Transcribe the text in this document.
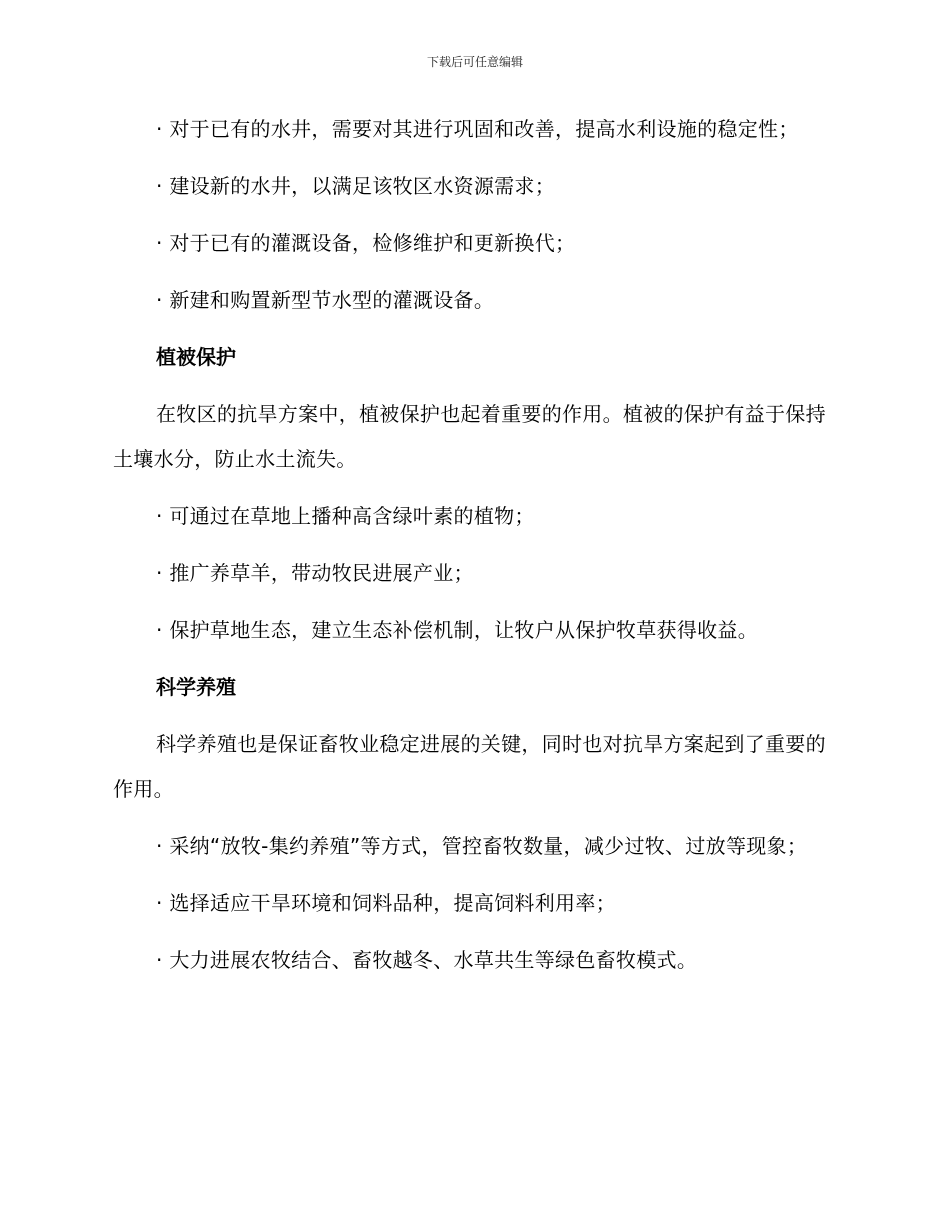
下载后可任意编辑

· 对于已有的水井，需要对其进行巩固和改善，提高水利设施的稳定性；

· 建设新的水井，以满足该牧区水资源需求；

· 对于已有的灌溉设备，检修维护和更新换代；

· 新建和购置新型节水型的灌溉设备。

植被保护

在牧区的抗旱方案中，植被保护也起着重要的作用。植被的保护有益于保持土壤水分，防止水土流失。

· 可通过在草地上播种高含绿叶素的植物；

· 推广养草羊，带动牧民进展产业；

· 保护草地生态，建立生态补偿机制，让牧户从保护牧草获得收益。

科学养殖

科学养殖也是保证畜牧业稳定进展的关键，同时也对抗旱方案起到了重要的作用。

· 采纳“放牧-集约养殖”等方式，管控畜牧数量，减少过牧、过放等现象；

· 选择适应干旱环境和饲料品种，提高饲料利用率；

· 大力进展农牧结合、畜牧越冬、水草共生等绿色畜牧模式。
